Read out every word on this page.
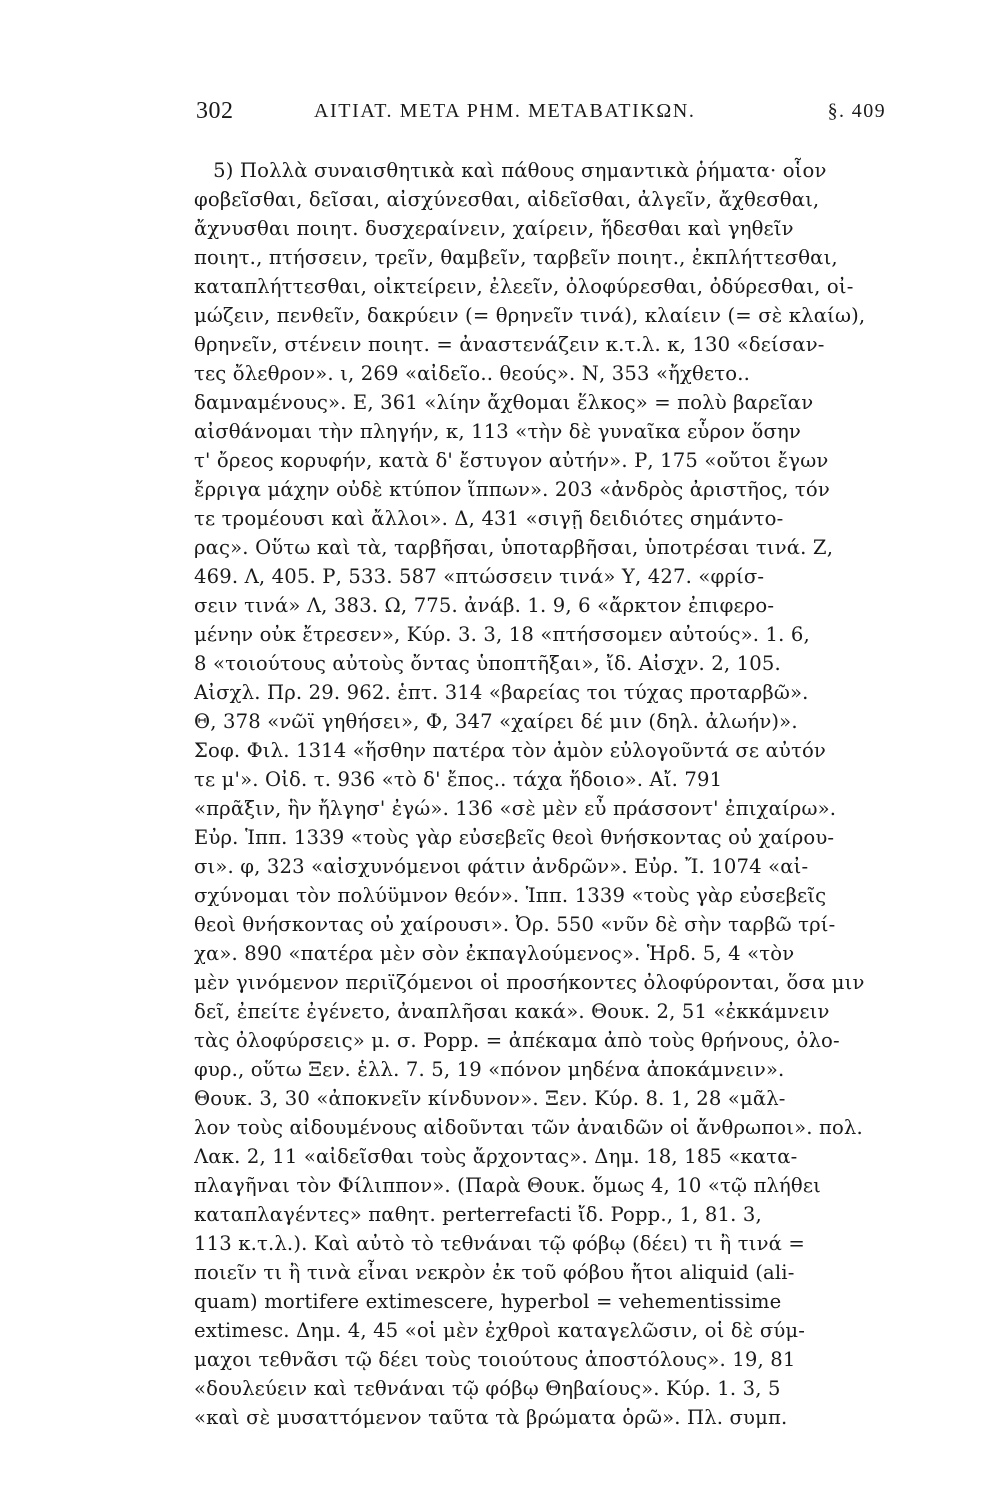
302	ΑΙΤΙΑΤ. ΜΕΤΑ ΡΗΜ. ΜΕΤΑΒΑΤΙΚΩΝ.	§. 409
5) Πολλὰ συναισθητικὰ καὶ πάθους σημαντικὰ ῥήματα· οἷον
φοβεῖσθαι, δεῖσαι, αἰσχύνεσθαι, αἰδεῖσθαι, ἀλγεῖν, ἄχθεσθαι,
ἄχνυσθαι ποιητ. δυσχεραίνειν, χαίρειν, ἥδεσθαι καὶ γηθεῖν
ποιητ., πτήσσειν, τρεῖν, θαμβεῖν, ταρβεῖν ποιητ., ἐκπλήττεσθαι,
καταπλήττεσθαι, οἰκτείρειν, ἐλεεῖν, ὀλοφύρεσθαι, ὀδύρεσθαι, οἰ-
μώζειν, πενθεῖν, δακρύειν (= θρηνεῖν τινά), κλαίειν (= σὲ κλαίω),
θρηνεῖν, στένειν ποιητ. = ἀναστενάζειν κ.τ.λ. κ, 130 «δείσαν-
τες ὄλεθρον». ι, 269 «αἰδεῖο.. θεούς». Ν, 353 «ἤχθετο..
δαμναμένους». Ε, 361 «λίην ἄχθομαι ἕλκος» = πολὺ βαρεῖαν
αἰσθάνομαι τὴν πληγήν, κ, 113 «τὴν δὲ γυναῖκα εὗρον ὅσην
τ' ὄρεος κορυφήν, κατὰ δ' ἔστυγον αὐτήν». Ρ, 175 «οὔτοι ἔγων
ἔρριγα μάχην οὐδὲ κτύπον ἵππων». 203 «ἀνδρὸς ἀριστῆος, τόν
τε τρομέουσι καὶ ἄλλοι». Δ, 431 «σιγῇ δειδιότες σημάντο-
ρας». Οὕτω καὶ τὰ, ταρβῆσαι, ὑποταρβῆσαι, ὑποτρέσαι τινά. Ζ,
469. Λ, 405. Ρ, 533. 587 «πτώσσειν τινά» Υ, 427. «φρίσ-
σειν τινά» Λ, 383. Ω, 775. ἀνάβ. 1. 9, 6 «ἄρκτον ἐπιφερο-
μένην οὐκ ἔτρεσεν», Κύρ. 3. 3, 18 «πτήσσομεν αὐτούς». 1. 6,
8 «τοιούτους αὐτοὺς ὄντας ὑποπτῆξαι», ἴδ. Αἰσχν. 2, 105.
Αἰσχλ. Πρ. 29. 962. ἑπτ. 314 «βαρείας τοι τύχας προταρβῶ».
Θ, 378 «νῶϊ γηθήσει», Φ, 347 «χαίρει δέ μιν (δηλ. ἀλωήν)».
Σοφ. Φιλ. 1314 «ἥσθην πατέρα τὸν ἀμὸν εὐλογοῦντά σε αὐτόν
τε μ'». Οἰδ. τ. 936 «τὸ δ' ἔπος.. τάχα ἥδοιο». Αἴ. 791
«πρᾶξιν, ἣν ἤλγησ' ἐγώ». 136 «σὲ μὲν εὖ πράσσοντ' ἐπιχαίρω».
Εὐρ. Ἱππ. 1339 «τοὺς γὰρ εὐσεβεῖς θεοὶ θνήσκοντας οὐ χαίρου-
σι». φ, 323 «αἰσχυνόμενοι φάτιν ἀνδρῶν». Εὐρ. Ἴ. 1074 «αἰ-
σχύνομαι τὸν πολύϋμνον θεόν». Ἱππ. 1339 «τοὺς γὰρ εὐσεβεῖς
θεοὶ θνήσκοντας οὐ χαίρουσι». Ὀρ. 550 «νῦν δὲ σὴν ταρβῶ τρί-
χα». 890 «πατέρα μὲν σὸν ἐκπαγλούμενος». Ἡρδ. 5, 4 «τὸν
μὲν γινόμενον περιϊζόμενοι οἱ προσήκοντες ὀλοφύρονται, ὅσα μιν
δεῖ, ἐπείτε ἐγένετο, ἀναπλῆσαι κακά». Θουκ. 2, 51 «ἐκκάμνειν
τὰς ὀλοφύρσεις» μ. σ. Popp. = ἀπέκαμα ἀπὸ τοὺς θρήνους, ὀλο-
φυρ., οὕτω Ξεν. ἑλλ. 7. 5, 19 «πόνον μηδένα ἀποκάμνειν».
Θουκ. 3, 30 «ἀποκνεῖν κίνδυνον». Ξεν. Κύρ. 8. 1, 28 «μᾶλ-
λον τοὺς αἰδουμένους αἰδοῦνται τῶν ἀναιδῶν οἱ ἄνθρωποι». πολ.
Λακ. 2, 11 «αἰδεῖσθαι τοὺς ἄρχοντας». Δημ. 18, 185 «κατα-
πλαγῆναι τὸν Φίλιππον». (Παρὰ Θουκ. ὅμως 4, 10 «τῷ πλήθει
καταπλαγέντες» παθητ. perterrefacti ἴδ. Popp., 1, 81. 3,
113 κ.τ.λ.). Καὶ αὐτὸ τὸ τεθνάναι τῷ φόβῳ (δέει) τι ἢ τινά =
ποιεῖν τι ἢ τινὰ εἶναι νεκρὸν ἐκ τοῦ φόβου ἤτοι aliquid (ali-
quam) mortifere extimescere, hyperbol = vehementissime
extimesc. Δημ. 4, 45 «οἱ μὲν ἐχθροὶ καταγελῶσιν, οἱ δὲ σύμ-
μαχοι τεθνᾶσι τῷ δέει τοὺς τοιούτους ἀποστόλους». 19, 81
«δουλεύειν καὶ τεθνάναι τῷ φόβῳ Θηβαίους». Κύρ. 1. 3, 5
«καὶ σὲ μυσαττόμενον ταῦτα τὰ βρώματα ὁρῶ». Πλ. συμπ.
